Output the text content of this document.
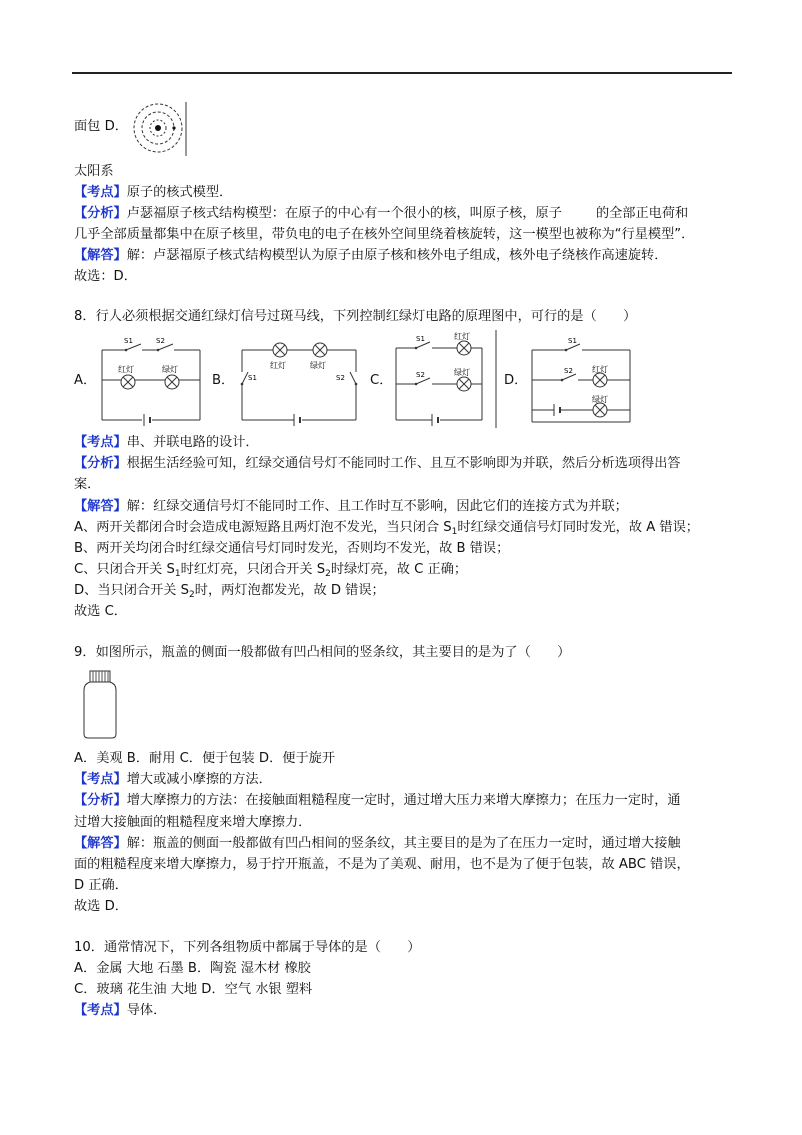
面包 D．
太阳系
【考点】原子的核式模型．
【分析】卢瑟福原子核式结构模型：在原子的中心有一个很小的核，叫原子核，原子	的全部正电荷和
几乎全部质量都集中在原子核里，带负电的电子在核外空间里绕着核旋转，这一模型也被称为“行星模型”．
【解答】解：卢瑟福原子核式结构模型认为原子由原子核和核外电子组成，核外电子绕核作高速旋转．
故选：D．
8．行人必须根据交通红绿灯信号过斑马线，下列控制红绿灯电路的原理图中，可行的是（　　）
A．
S1	S2
红灯	绿灯
B．
红灯	绿灯
S1	S2 C．
S1	红灯
S2	绿灯
D．
S1
S2 红灯
绿灯
【考点】串、并联电路的设计．
【分析】根据生活经验可知，红绿交通信号灯不能同时工作、且互不影响即为并联，然后分析选项得出答
案．
【解答】解：红绿交通信号灯不能同时工作、且工作时互不影响，因此它们的连接方式为并联；
A、两开关都闭合时会造成电源短路且两灯泡不发光，当只闭合 $S_1$时红绿交通信号灯同时发光，故 A 错误；
B、两开关均闭合时红绿交通信号灯同时发光，否则均不发光，故 B 错误；
C、只闭合开关 $S_1$时红灯亮，只闭合开关 $S_2$时绿灯亮，故 C 正确；
D、当只闭合开关 $S_2$时，两灯泡都发光，故 D 错误；
故选 C．
9．如图所示，瓶盖的侧面一般都做有凹凸相间的竖条纹，其主要目的是为了（　　）
A．美观 B．耐用 C．便于包装 D．便于旋开
【考点】增大或减小摩擦的方法．
【分析】增大摩擦力的方法：在接触面粗糙程度一定时，通过增大压力来增大摩擦力；在压力一定时，通
过增大接触面的粗糙程度来增大摩擦力．
【解答】解：瓶盖的侧面一般都做有凹凸相间的竖条纹，其主要目的是为了在压力一定时，通过增大接触
面的粗糙程度来增大摩擦力，易于拧开瓶盖，不是为了美观、耐用，也不是为了便于包装，故 ABC 错误，
D 正确．
故选 D．
10．通常情况下，下列各组物质中都属于导体的是（　　）
A．金属 大地 石墨 B．陶瓷 湿木材 橡胶
C．玻璃 花生油 大地 D．空气 水银 塑料
【考点】导体．
